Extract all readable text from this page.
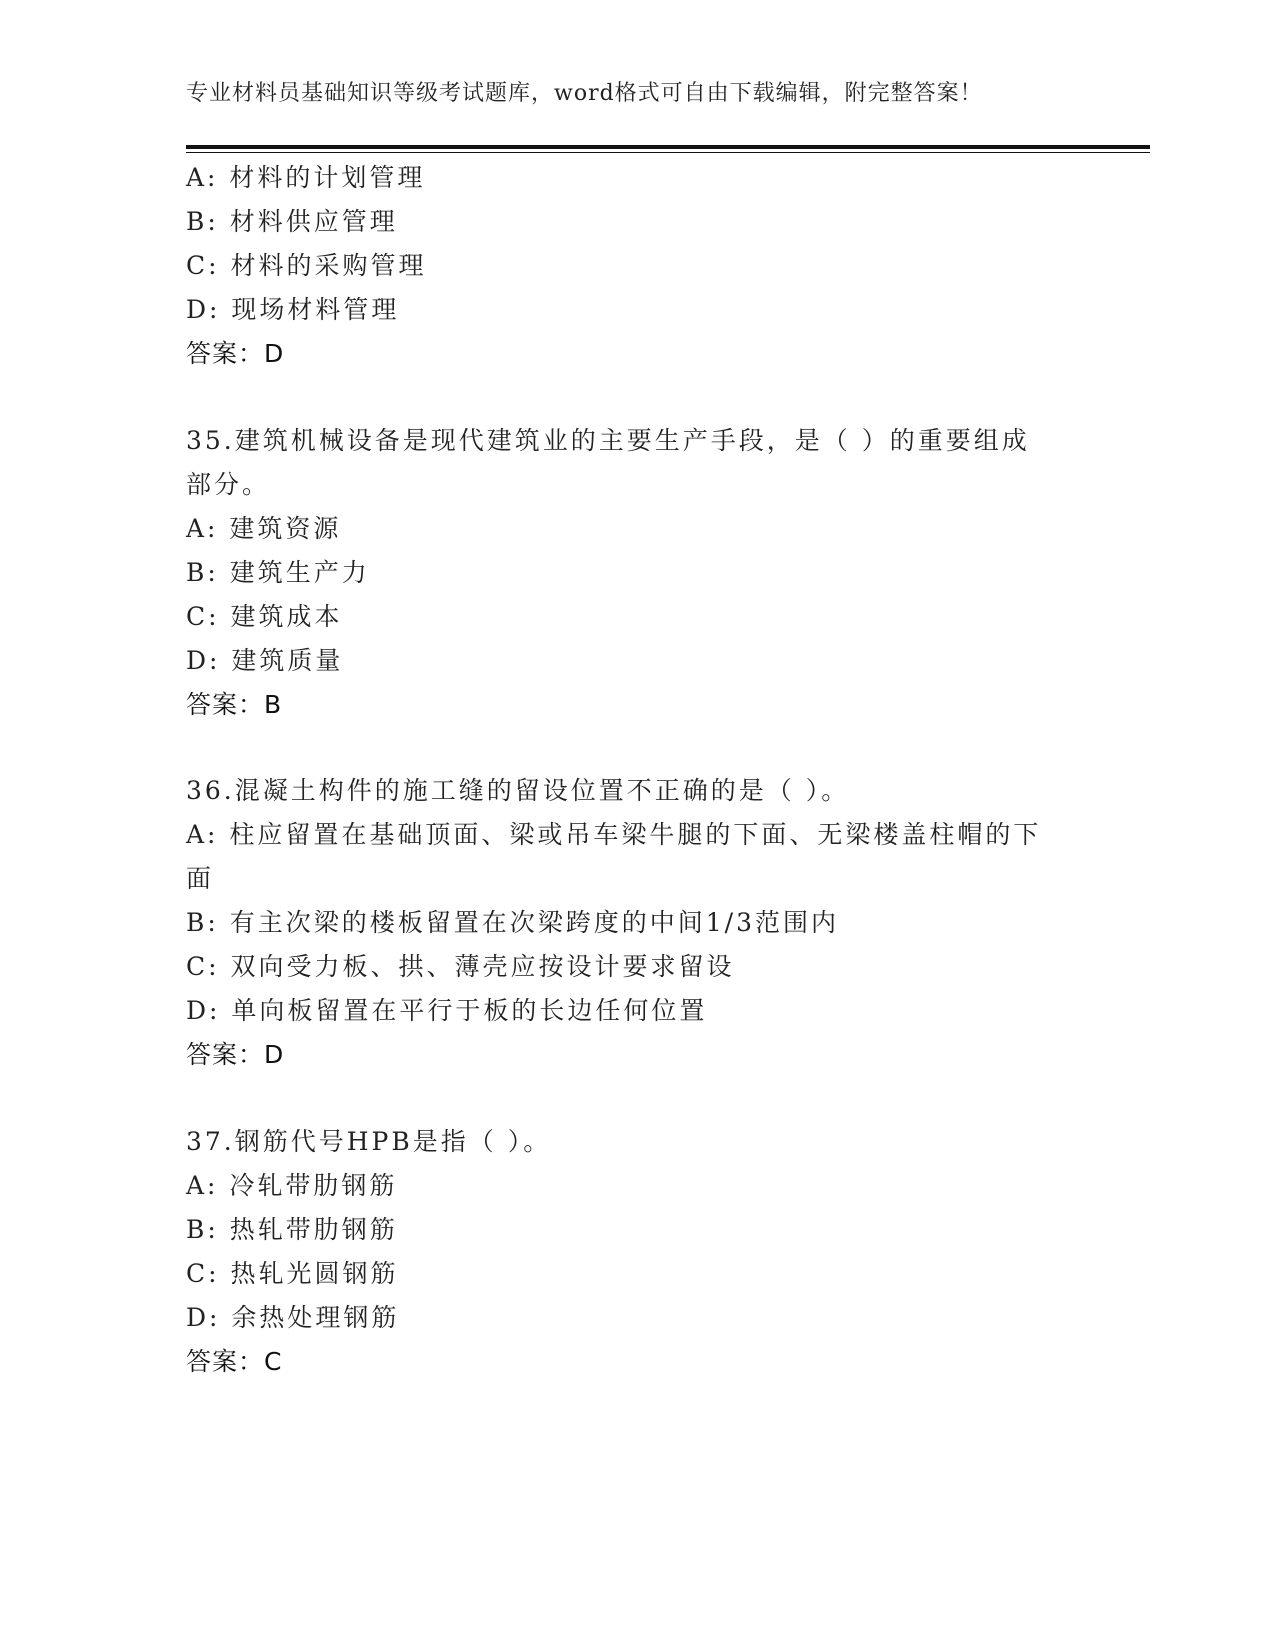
专业材料员基础知识等级考试题库，word格式可自由下载编辑，附完整答案！
A: 材料的计划管理
B: 材料供应管理
C: 材料的采购管理
D: 现场材料管理
答案：D
35.建筑机械设备是现代建筑业的主要生产手段，是（ ）的重要组成
部分。
A: 建筑资源
B: 建筑生产力
C: 建筑成本
D: 建筑质量
答案：B
36.混凝土构件的施工缝的留设位置不正确的是（ ）。
A: 柱应留置在基础顶面、梁或吊车梁牛腿的下面、无梁楼盖柱帽的下
面
B: 有主次梁的楼板留置在次梁跨度的中间1/3范围内
C: 双向受力板、拱、薄壳应按设计要求留设
D: 单向板留置在平行于板的长边任何位置
答案：D
37.钢筋代号HPB是指（ ）。
A: 冷轧带肋钢筋
B: 热轧带肋钢筋
C: 热轧光圆钢筋
D: 余热处理钢筋
答案：C
